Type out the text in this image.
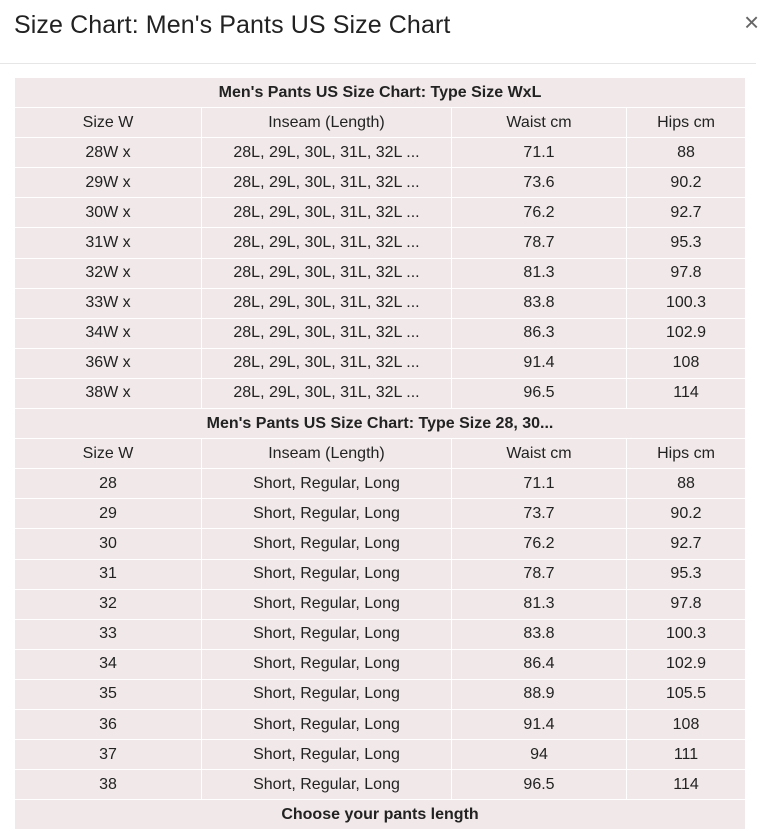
Size Chart: Men's Pants US Size Chart	×
Men's Pants US Size Chart: Type Size WxL			
Size W	Inseam (Length)	Waist cm	Hips cm
28W x	28L, 29L, 30L, 31L, 32L ...	71.1	88
29W x	28L, 29L, 30L, 31L, 32L ...	73.6	90.2
30W x	28L, 29L, 30L, 31L, 32L ...	76.2	92.7
31W x	28L, 29L, 30L, 31L, 32L ...	78.7	95.3
32W x	28L, 29L, 30L, 31L, 32L ...	81.3	97.8
33W x	28L, 29L, 30L, 31L, 32L ...	83.8	100.3
34W x	28L, 29L, 30L, 31L, 32L ...	86.3	102.9
36W x	28L, 29L, 30L, 31L, 32L ...	91.4	108
38W x	28L, 29L, 30L, 31L, 32L ...	96.5	114
Men's Pants US Size Chart: Type Size 28, 30...			
Size W	Inseam (Length)	Waist cm	Hips cm
28	Short, Regular, Long	71.1	88
29	Short, Regular, Long	73.7	90.2
30	Short, Regular, Long	76.2	92.7
31	Short, Regular, Long	78.7	95.3
32	Short, Regular, Long	81.3	97.8
33	Short, Regular, Long	83.8	100.3
34	Short, Regular, Long	86.4	102.9
35	Short, Regular, Long	88.9	105.5
36	Short, Regular, Long	91.4	108
37	Short, Regular, Long	94	111
38	Short, Regular, Long	96.5	114
Choose your pants length			
